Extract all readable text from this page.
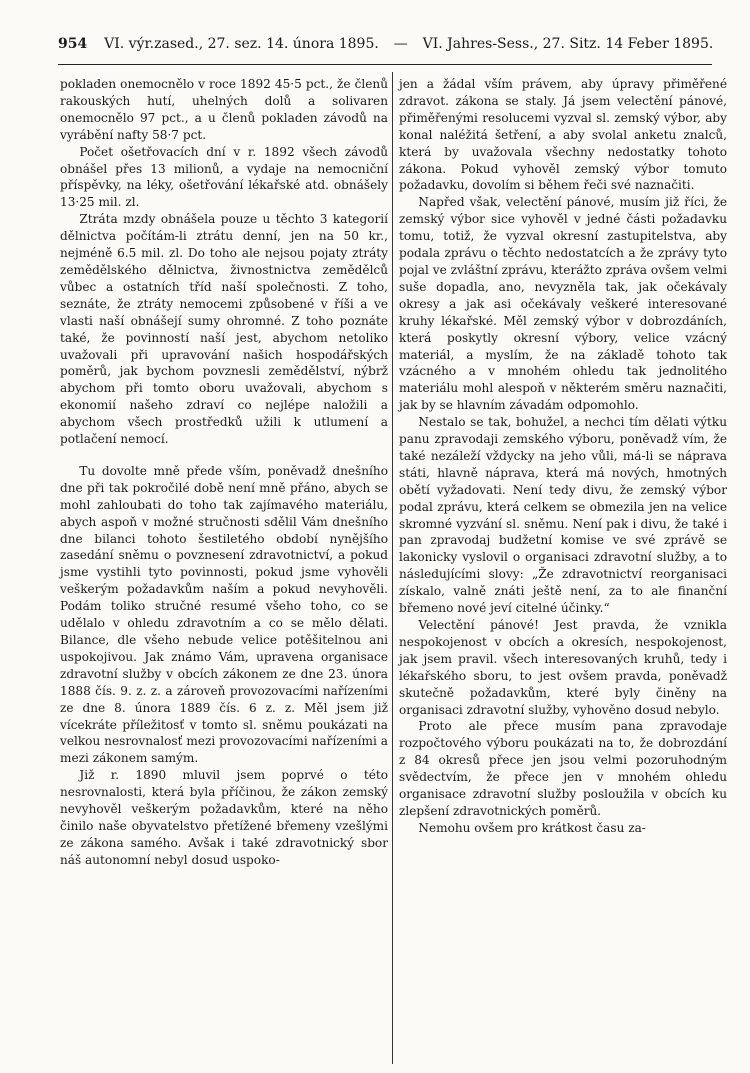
954 VI. výr.zased., 27. sez. 14. února 1895. — VI. Jahres-Sess., 27. Sitz. 14 Feber 1895.

pokladen onemocnělo v roce 1892 45·5 pct., že členů rakouských hutí, uhelných dolů a solivaren onemocnělo 97 pct., a u členů pokladen závodů na vyrábění nafty 58·7 pct.

Počet ošetřovacích dní v r. 1892 všech závodů obnášel přes 13 milionů, a vydaje na nemocniční příspěvky, na léky, ošetřování lékařské atd. obnášely 13·25 mil. zl.

Ztráta mzdy obnášela pouze u těchto 3 kategorií dělnictva počítám-li ztrátu denní, jen na 50 kr., nejméně 6.5 mil. zl. Do toho ale nejsou pojaty ztráty zemědělského dělnictva, živnostnictva zemědělců vůbec a ostatních tříd naší společnosti. Z toho, seznáte, že ztráty nemocemi způsobené v říši a ve vlasti naší obnášejí sumy ohromné. Z toho poznáte také, že povinností naší jest, abychom netoliko uvažovali při upravování našich hospodářských poměrů, jak bychom povznesli zemědělství, nýbrž abychom při tomto oboru uvažovali, abychom s ekonomií našeho zdraví co nejlépe naložili a abychom všech prostředků užili k utlumení a potlačení nemocí.

Tu dovolte mně přede vším, poněvadž dnešního dne při tak pokročilé době není mně přáno, abych se mohl zahloubati do toho tak zajímavého materiálu, abych aspoň v možné stručnosti sdělil Vám dnešního dne bilanci tohoto šestiletého období nynějšího zasedání sněmu o povznesení zdravotnictví, a pokud jsme vystihli tyto povinnosti, pokud jsme vyhověli veškerým požadavkům naším a pokud nevyhověli. Podám toliko stručné resumé všeho toho, co se udělalo v ohledu zdravotním a co se mělo dělati. Bilance, dle všeho nebude velice potěšitelnou ani uspokojivou. Jak známo Vám, upravena organisace zdravotní služby v obcích zákonem ze dne 23. února 1888 čís. 9. z. z. a zároveň provozovacími nařízeními ze dne 8. února 1889 čís. 6 z. z. Měl jsem již vícekráte příležitosť v tomto sl. sněmu poukázati na velkou nesrovnalosť mezi provozovacími nařízeními a mezi zákonem samým.

Již r. 1890 mluvil jsem poprvé o této nesrovnalosti, která byla příčinou, že zákon zemský nevyhověl veškerým požadavkům, které na něho činilo naše obyvatelstvo přetížené břemeny vzešlými ze zákona samého. Avšak i také zdravotnický sbor náš autonomní nebyl dosud uspoko-

jen a žádal vším právem, aby úpravy přiměřené zdravot. zákona se staly. Já jsem velectění pánové, přiměřenými resolucemi vyzval sl. zemský výbor, aby konal naléžitá šetření, a aby svolal anketu znalců, která by uvažovala všechny nedostatky tohoto zákona. Pokud vyhověl zemský výbor tomuto požadavku, dovolím si během řeči své naznačiti.

Napřed však, velectění pánové, musím již říci, že zemský výbor sice vyhověl v jedné části požadavku tomu, totiž, že vyzval okresní zastupitelstva, aby podala zprávu o těchto nedostatcích a že zprávy tyto pojal ve zvláštní zprávu, kterážto zpráva ovšem velmi suše dopadla, ano, nevyzněla tak, jak očekávaly okresy a jak asi očekávaly veškeré interesované kruhy lékařské. Měl zemský výbor v dobrozdáních, která poskytly okresní výbory, velice vzácný materiál, a myslím, že na základě tohoto tak vzácného a v mnohém ohledu tak jednolitého materiálu mohl alespoň v některém směru naznačiti, jak by se hlavním závadám odpomohlo.

Nestalo se tak, bohužel, a nechci tím dělati výtku panu zpravodaji zemského výboru, poněvadž vím, že také nezáleží vždycky na jeho vůli, má-li se náprava státi, hlavně náprava, která má nových, hmotných obětí vyžadovati. Není tedy divu, že zemský výbor podal zprávu, která celkem se obmezila jen na velice skromné vyzvání sl. sněmu. Není pak i divu, že také i pan zpravodaj budžetní komise ve své zprávě se lakonicky vyslovil o organisaci zdravotní služby, a to následujícími slovy: „Že zdravotnictví reorganisaci získalo, valně znáti ještě není, za to ale finanční břemeno nové jeví citelné účinky.“

Velectění pánové! Jest pravda, že vznikla nespokojenost v obcích a okresích, nespokojenost, jak jsem pravil. všech interesovaných kruhů, tedy i lékařského sboru, to jest ovšem pravda, poněvadž skutečně požadavkům, které byly činěny na organisaci zdravotní služby, vyhověno dosud nebylo.

Proto ale přece musím pana zpravodaje rozpočtového výboru poukázati na to, že dobrozdání z 84 okresů přece jen jsou velmi pozoruhodným svědectvím, že přece jen v mnohém ohledu organisace zdravotní služby posloužila v obcích ku zlepšení zdravotnických poměrů.

Nemohu ovšem pro krátkost času za-
